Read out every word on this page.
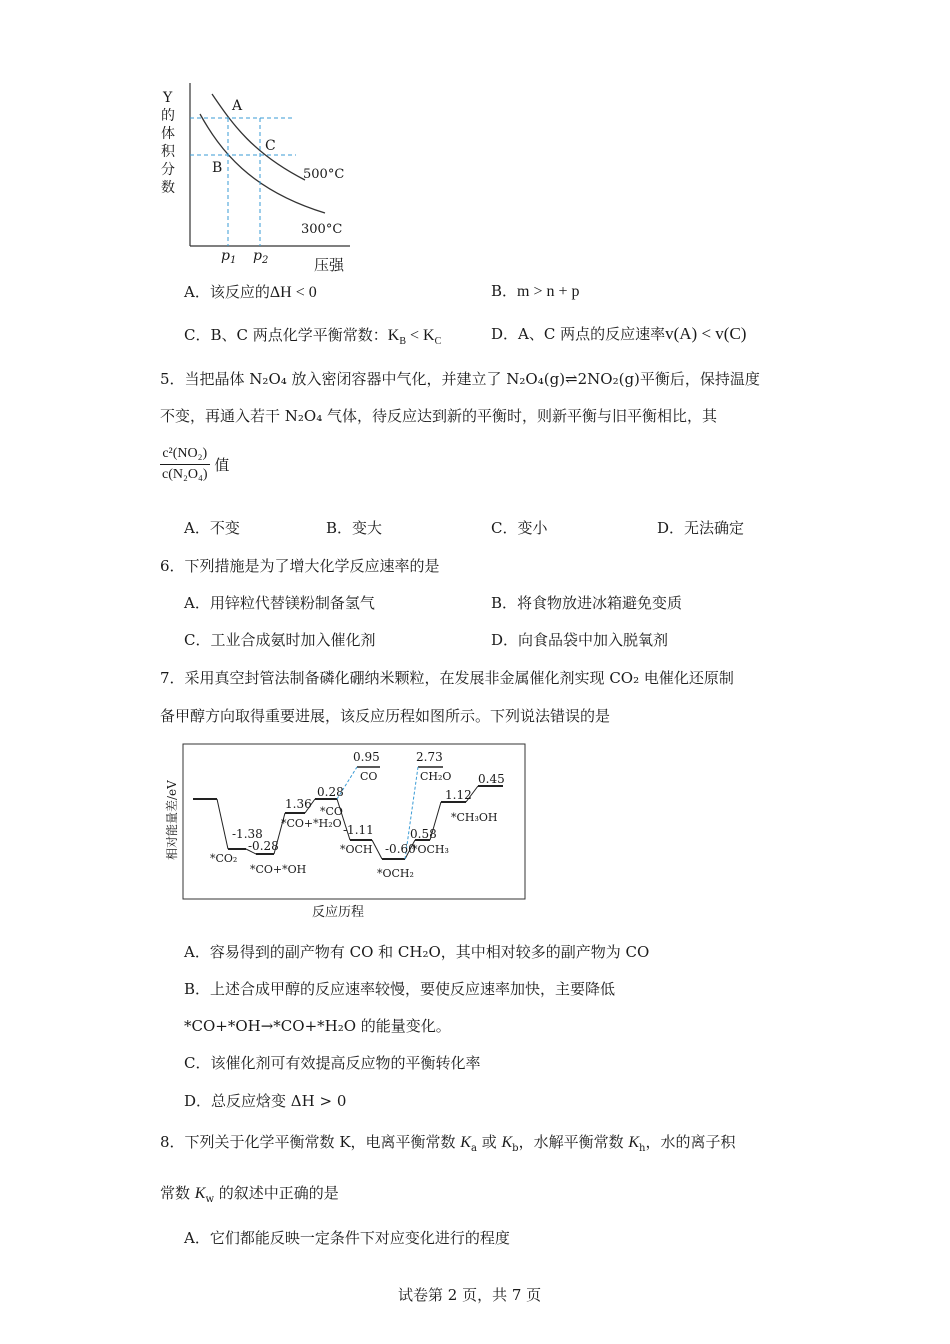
A
C
B	500°C
300°C
$p_1$ $p_2$	压强
Y
的
体
积
分
数
A．该反应的ΔH < 0	B．m > n + p
C．B、C 两点化学平衡常数：$K_B < K_C$	D．A、C 两点的反应速率v(A) < v(C)
5．当把晶体 N₂O₄ 放入密闭容器中气化，并建立了 N₂O₄(g)⇌2NO₂(g)平衡后，保持温度
不变，再通入若干 N₂O₄ 气体，待反应达到新的平衡时，则新平衡与旧平衡相比，其
$\frac{\text{c²(NO₂)}}{\text{c(N₂O₄)}}$ 值
A．不变	B．变大	C．变小	D．无法确定
6．下列措施是为了增大化学反应速率的是
A．用锌粒代替镁粉制备氢气	B．将食物放进冰箱避免变质
C．工业合成氨时加入催化剂	D．向食品袋中加入脱氧剂
7．采用真空封管法制备磷化硼纳米颗粒，在发展非金属催化剂实现 CO₂ 电催化还原制
备甲醇方向取得重要进展，该反应历程如图所示。下列说法错误的是
相对能量差/eV	-1.38
-0.28
1.36
0.28
0.95
-1.11
-0.60
2.73
0.58
1.12
0.45
*CO₂
*CO+*OH
*CO+*H₂O
*CO
CO
*OCH
*OCH₂
CH₂O
*OCH₃
*CH₃OH
反应历程
A．容易得到的副产物有 CO 和 CH₂O，其中相对较多的副产物为 CO
B．上述合成甲醇的反应速率较慢，要使反应速率加快，主要降低
*CO+*OH→*CO+*H₂O 的能量变化。
C．该催化剂可有效提高反应物的平衡转化率
D．总反应焓变 ΔH > 0
8．下列关于化学平衡常数 K，电离平衡常数 $K_a$ 或 $K_b$，水解平衡常数 $K_h$，水的离子积
常数 $K_w$ 的叙述中正确的是
A．它们都能反映一定条件下对应变化进行的程度
试卷第 2 页，共 7 页
